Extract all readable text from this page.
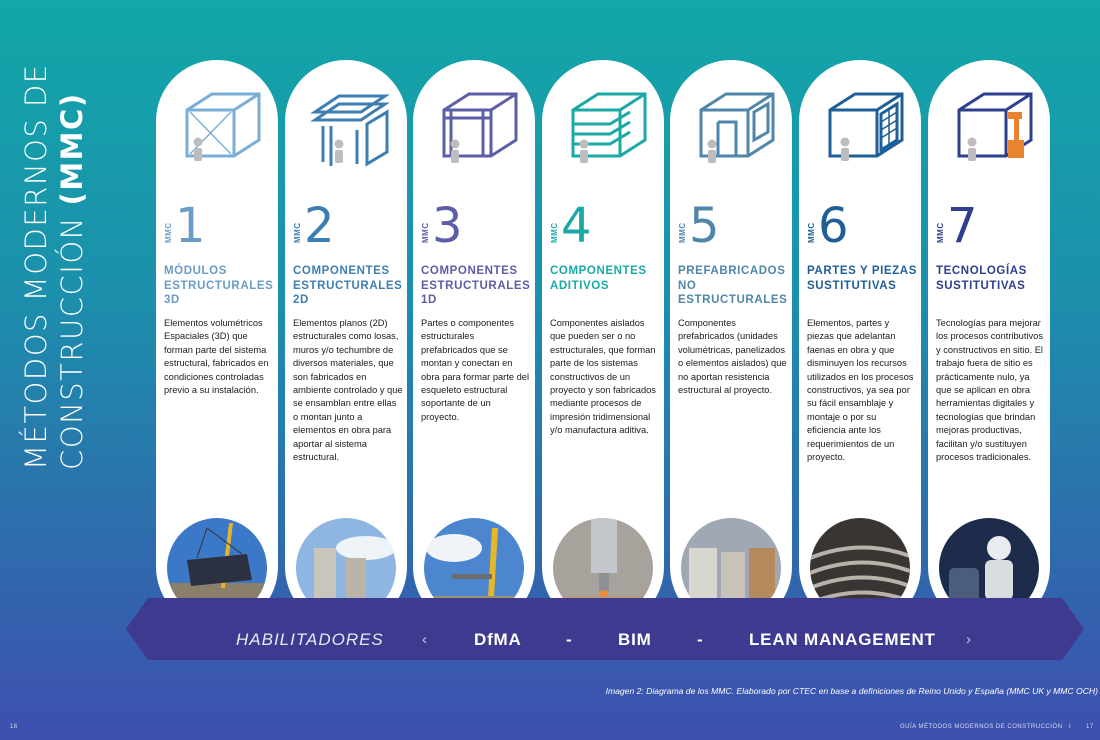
MÉTODOS MODERNOS DE CONSTRUCCIÓN (MMC)
MMC 1
MÓDULOS
ESTRUCTURALES
3D
Elementos volumétricos Espaciales (3D) que forman parte del sistema estructural, fabricados en condiciones controladas previo a su instalación.
MMC 2
COMPONENTES
ESTRUCTURALES
2D
Elementos planos (2D) estructurales como losas, muros y/o techumbre de diversos materiales, que son fabricados en ambiente controlado y que se ensamblan entre ellas o montan junto a elementos en obra para aportar al sistema estructural.
MMC 3
COMPONENTES
ESTRUCTURALES
1D
Partes o componentes estructurales prefabricados que se montan y conectan en obra para formar parte del esqueleto estructural soportante de un proyecto.
MMC 4
COMPONENTES
ADITIVOS
Componentes aislados que pueden ser o no estructurales, que forman parte de los sistemas constructivos de un proyecto y son fabricados mediante procesos de impresión tridimensional y/o manufactura aditiva.
MMC 5
PREFABRICADOS
NO
ESTRUCTURALES
Componentes prefabricados (unidades volumétricas, panelizados o elementos aislados) que no aportan resistencia estructural al proyecto.
MMC 6
PARTES Y PIEZAS
SUSTITUTIVAS
Elementos, partes y piezas que adelantan faenas en obra y que disminuyen los recursos utilizados en los procesos constructivos, ya sea por su fácil ensamblaje y montaje o por su eficiencia ante los requerimientos de un proyecto.
MMC 7
TECNOLOGÍAS
SUSTITUTIVAS
Tecnologías para mejorar los procesos contributivos y constructivos en sitio. El trabajo fuera de sitio es prácticamente nulo, ya que se aplican en obra herramientas digitales y tecnologías que brindan mejoras productivas, facilitan y/o sustituyen procesos tradicionales.
HABILITADORES	‹	DfMA	-	BIM	-	LEAN MANAGEMENT ›
Imagen 2: Diagrama de los MMC. Elaborado por CTEC en base a definiciones de Reino Unido y España (MMC UK y MMC OCH)
16	GUÍA MÉTODOS MODERNOS DE CONSTRUCCIÓN I 17
